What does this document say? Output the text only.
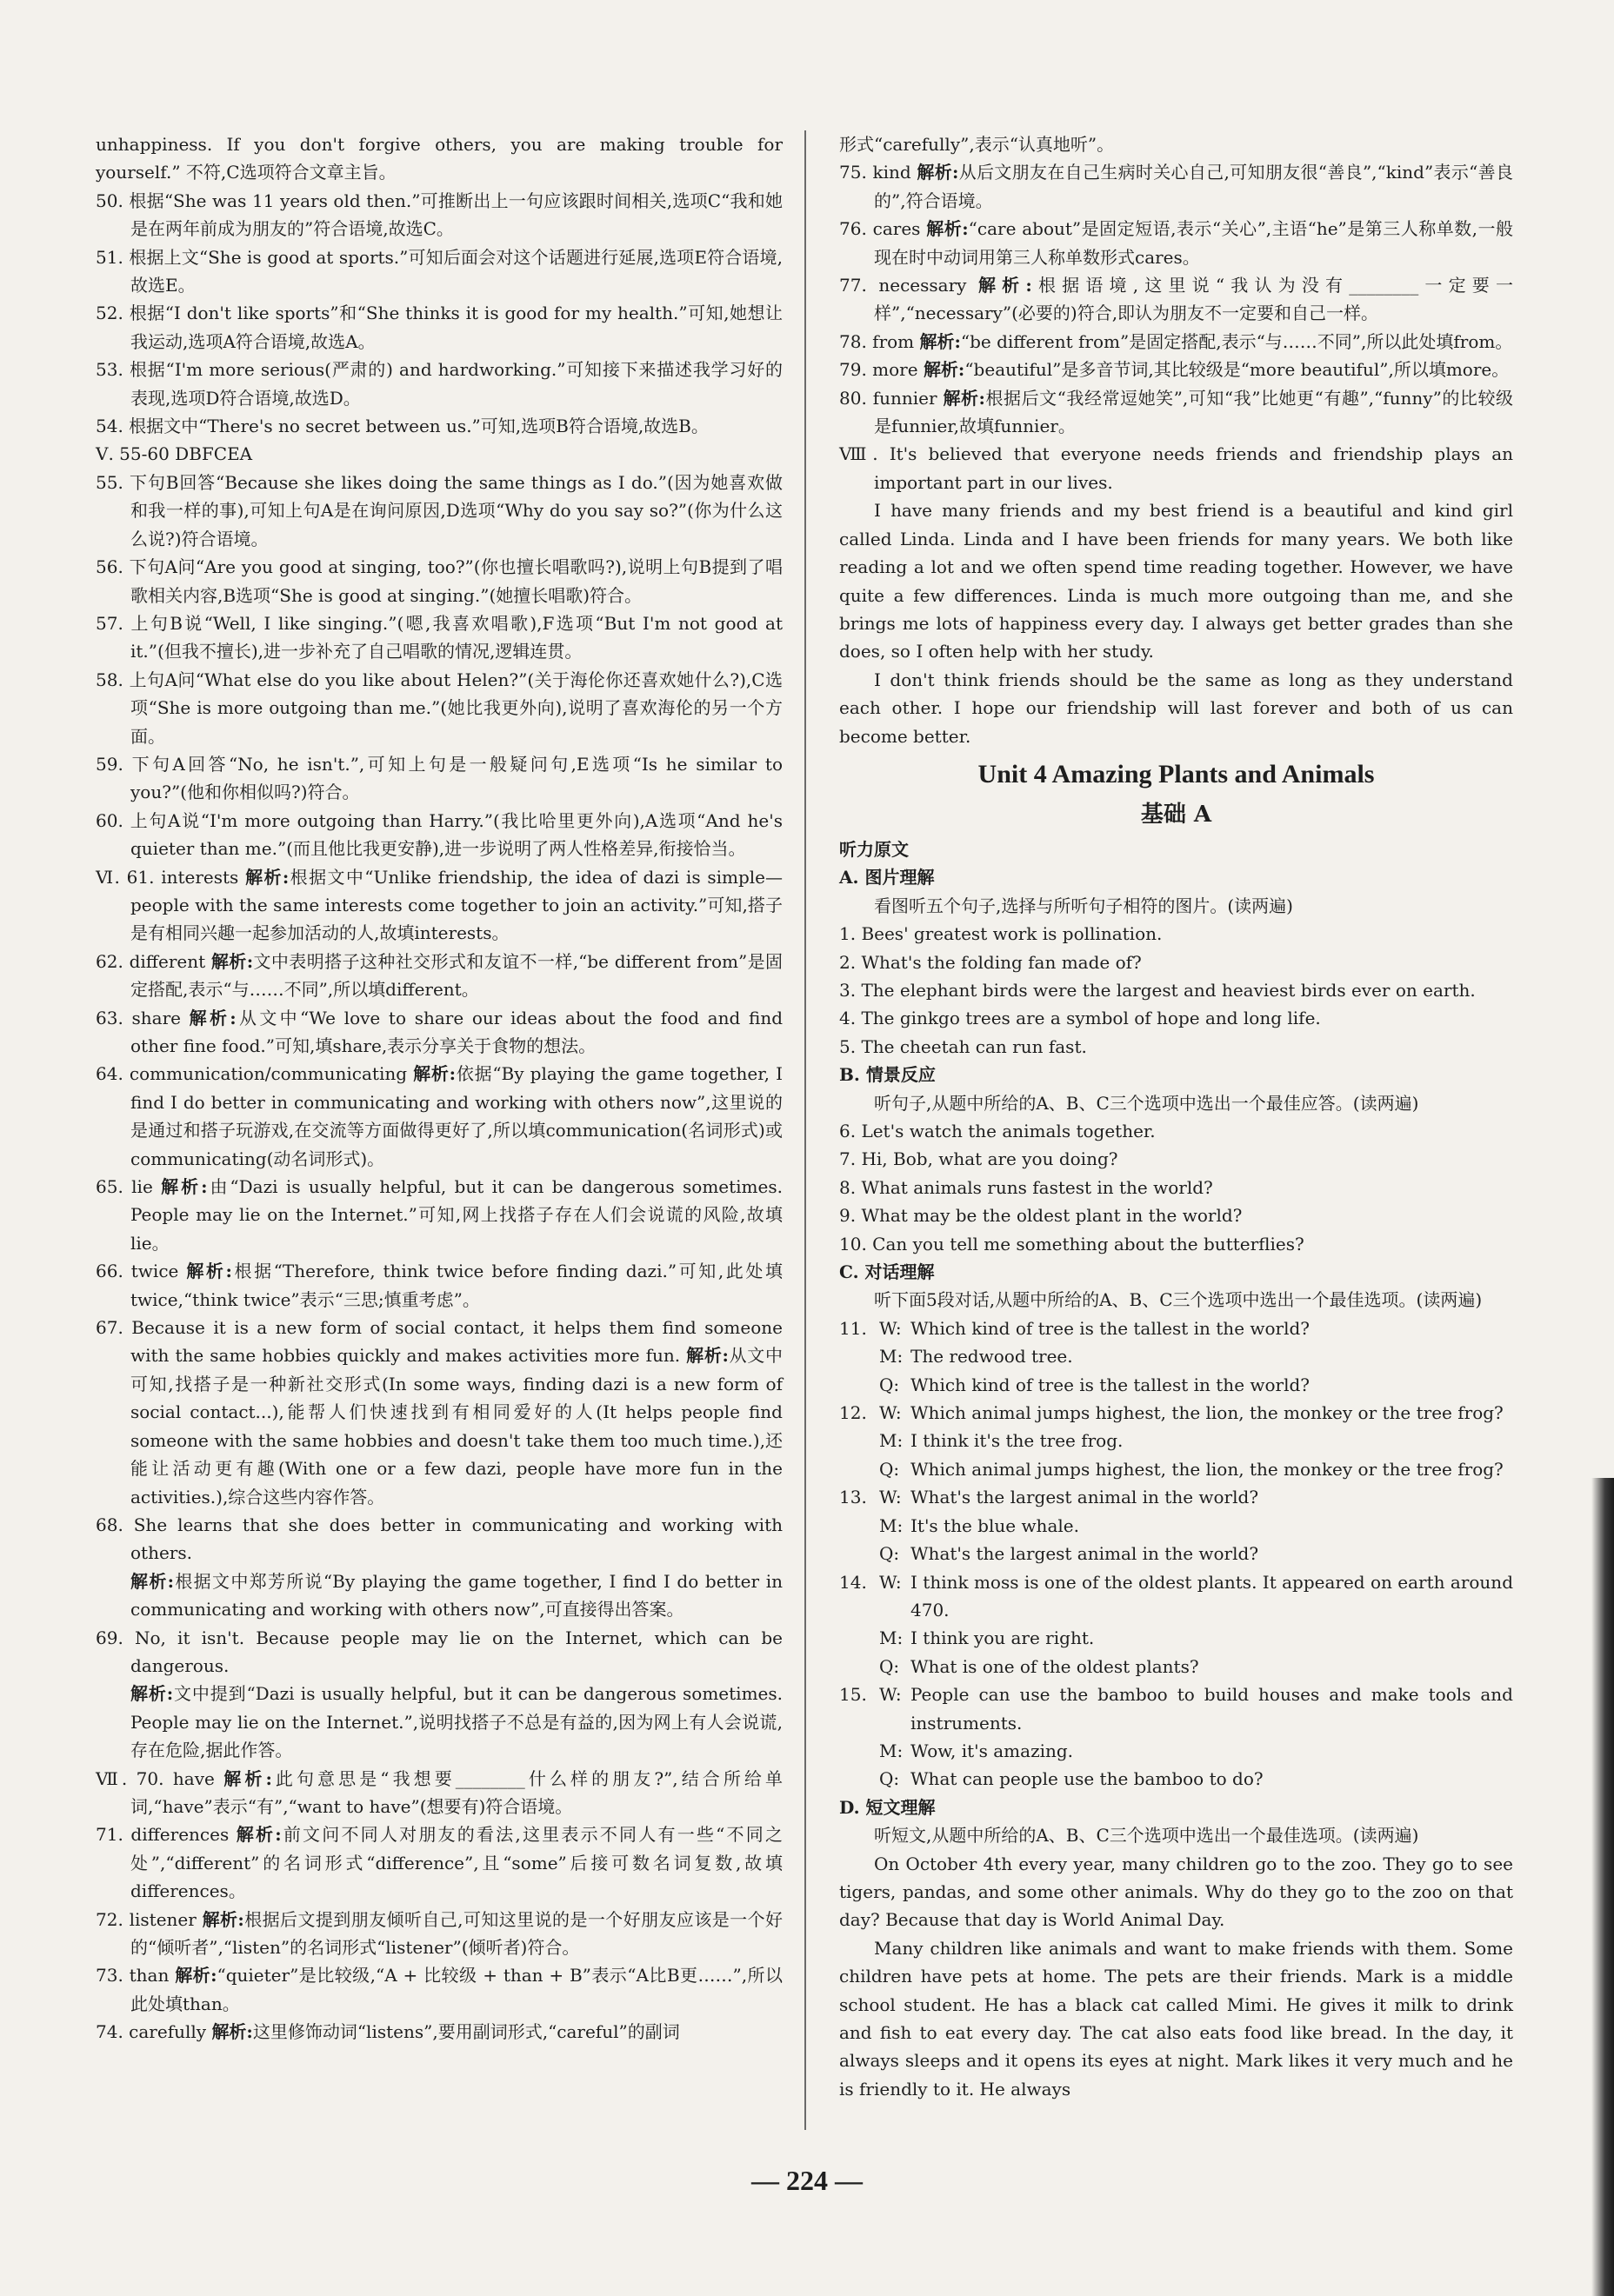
unhappiness. If you don't forgive others, you are making trouble for yourself.” 不符,C选项符合文章主旨。
50. 根据“She was 11 years old then.”可推断出上一句应该跟时间相关,选项C“我和她是在两年前成为朋友的”符合语境,故选C。
51. 根据上文“She is good at sports.”可知后面会对这个话题进行延展,选项E符合语境,故选E。
52. 根据“I don't like sports”和“She thinks it is good for my health.”可知,她想让我运动,选项A符合语境,故选A。
53. 根据“I'm more serious(严肃的) and hardworking.”可知接下来描述我学习好的表现,选项D符合语境,故选D。
54. 根据文中“There's no secret between us.”可知,选项B符合语境,故选B。
Ⅴ. 55-60 DBFCEA
55. 下句B回答“Because she likes doing the same things as I do.”(因为她喜欢做和我一样的事),可知上句A是在询问原因,D选项“Why do you say so?”(你为什么这么说?)符合语境。
56. 下句A问“Are you good at singing, too?”(你也擅长唱歌吗?),说明上句B提到了唱歌相关内容,B选项“She is good at singing.”(她擅长唱歌)符合。
57. 上句B说“Well, I like singing.”(嗯,我喜欢唱歌),F选项“But I'm not good at it.”(但我不擅长),进一步补充了自己唱歌的情况,逻辑连贯。
58. 上句A问“What else do you like about Helen?”(关于海伦你还喜欢她什么?),C选项“She is more outgoing than me.”(她比我更外向),说明了喜欢海伦的另一个方面。
59. 下句A回答“No, he isn't.”,可知上句是一般疑问句,E选项“Is he similar to you?”(他和你相似吗?)符合。
60. 上句A说“I'm more outgoing than Harry.”(我比哈里更外向),A选项“And he's quieter than me.”(而且他比我更安静),进一步说明了两人性格差异,衔接恰当。
Ⅵ. 61. interests 解析:根据文中“Unlike friendship, the idea of dazi is simple—people with the same interests come together to join an activity.”可知,搭子是有相同兴趣一起参加活动的人,故填interests。
62. different 解析:文中表明搭子这种社交形式和友谊不一样,“be different from”是固定搭配,表示“与……不同”,所以填different。
63. share 解析:从文中“We love to share our ideas about the food and find other fine food.”可知,填share,表示分享关于食物的想法。
64. communication/communicating 解析:依据“By playing the game together, I find I do better in communicating and working with others now”,这里说的是通过和搭子玩游戏,在交流等方面做得更好了,所以填communication(名词形式)或communicating(动名词形式)。
65. lie 解析:由“Dazi is usually helpful, but it can be dangerous sometimes. People may lie on the Internet.”可知,网上找搭子存在人们会说谎的风险,故填lie。
66. twice 解析:根据“Therefore, think twice before finding dazi.”可知,此处填twice,“think twice”表示“三思;慎重考虑”。
67. Because it is a new form of social contact, it helps them find someone with the same hobbies quickly and makes activities more fun. 解析:从文中可知,找搭子是一种新社交形式(In some ways, finding dazi is a new form of social contact...),能帮人们快速找到有相同爱好的人(It helps people find someone with the same hobbies and doesn't take them too much time.),还能让活动更有趣(With one or a few dazi, people have more fun in the activities.),综合这些内容作答。
68. She learns that she does better in communicating and working with others.
解析:根据文中郑芳所说“By playing the game together, I find I do better in communicating and working with others now”,可直接得出答案。
69. No, it isn't. Because people may lie on the Internet, which can be dangerous.
解析:文中提到“Dazi is usually helpful, but it can be dangerous sometimes. People may lie on the Internet.”,说明找搭子不总是有益的,因为网上有人会说谎,存在危险,据此作答。
Ⅶ. 70. have 解析:此句意思是“我想要________什么样的朋友?”,结合所给单词,“have”表示“有”,“want to have”(想要有)符合语境。
71. differences 解析:前文问不同人对朋友的看法,这里表示不同人有一些“不同之处”,“different”的名词形式“difference”,且“some”后接可数名词复数,故填differences。
72. listener 解析:根据后文提到朋友倾听自己,可知这里说的是一个好朋友应该是一个好的“倾听者”,“listen”的名词形式“listener”(倾听者)符合。
73. than 解析:“quieter”是比较级,“A + 比较级 + than + B”表示“A比B更……”,所以此处填than。
74. carefully 解析:这里修饰动词“listens”,要用副词形式,“careful”的副词
形式“carefully”,表示“认真地听”。
75. kind 解析:从后文朋友在自己生病时关心自己,可知朋友很“善良”,“kind”表示“善良的”,符合语境。
76. cares 解析:“care about”是固定短语,表示“关心”,主语“he”是第三人称单数,一般现在时中动词用第三人称单数形式cares。
77. necessary 解析:根据语境,这里说“我认为没有________一定要一样”,“necessary”(必要的)符合,即认为朋友不一定要和自己一样。
78. from 解析:“be different from”是固定搭配,表示“与……不同”,所以此处填from。
79. more 解析:“beautiful”是多音节词,其比较级是“more beautiful”,所以填more。
80. funnier 解析:根据后文“我经常逗她笑”,可知“我”比她更“有趣”,“funny”的比较级是funnier,故填funnier。
Ⅷ. It's believed that everyone needs friends and friendship plays an important part in our lives.
I have many friends and my best friend is a beautiful and kind girl called Linda. Linda and I have been friends for many years. We both like reading a lot and we often spend time reading together. However, we have quite a few differences. Linda is much more outgoing than me, and she brings me lots of happiness every day. I always get better grades than she does, so I often help with her study.
I don't think friends should be the same as long as they understand each other. I hope our friendship will last forever and both of us can become better.
Unit 4 Amazing Plants and Animals
基础 A
听力原文
A. 图片理解
看图听五个句子,选择与所听句子相符的图片。(读两遍)
1. Bees' greatest work is pollination.
2. What's the folding fan made of?
3. The elephant birds were the largest and heaviest birds ever on earth.
4. The ginkgo trees are a symbol of hope and long life.
5. The cheetah can run fast.
B. 情景反应
听句子,从题中所给的A、B、C三个选项中选出一个最佳应答。(读两遍)
6. Let's watch the animals together.
7. Hi, Bob, what are you doing?
8. What animals runs fastest in the world?
9. What may be the oldest plant in the world?
10. Can you tell me something about the butterflies?
C. 对话理解
听下面5段对话,从题中所给的A、B、C三个选项中选出一个最佳选项。(读两遍)
11. W: Which kind of tree is the tallest in the world?
M: The redwood tree.
Q: Which kind of tree is the tallest in the world?
12. W: Which animal jumps highest, the lion, the monkey or the tree frog?
M: I think it's the tree frog.
Q: Which animal jumps highest, the lion, the monkey or the tree frog?
13. W: What's the largest animal in the world?
M: It's the blue whale.
Q: What's the largest animal in the world?
14. W: I think moss is one of the oldest plants. It appeared on earth around 470.
M: I think you are right.
Q: What is one of the oldest plants?
15. W: People can use the bamboo to build houses and make tools and instruments.
M: Wow, it's amazing.
Q: What can people use the bamboo to do?
D. 短文理解
听短文,从题中所给的A、B、C三个选项中选出一个最佳选项。(读两遍)
On October 4th every year, many children go to the zoo. They go to see tigers, pandas, and some other animals. Why do they go to the zoo on that day? Because that day is World Animal Day.
Many children like animals and want to make friends with them. Some children have pets at home. The pets are their friends. Mark is a middle school student. He has a black cat called Mimi. He gives it milk to drink and fish to eat every day. The cat also eats food like bread. In the day, it always sleeps and it opens its eyes at night. Mark likes it very much and he is friendly to it. He always
— 224 —
